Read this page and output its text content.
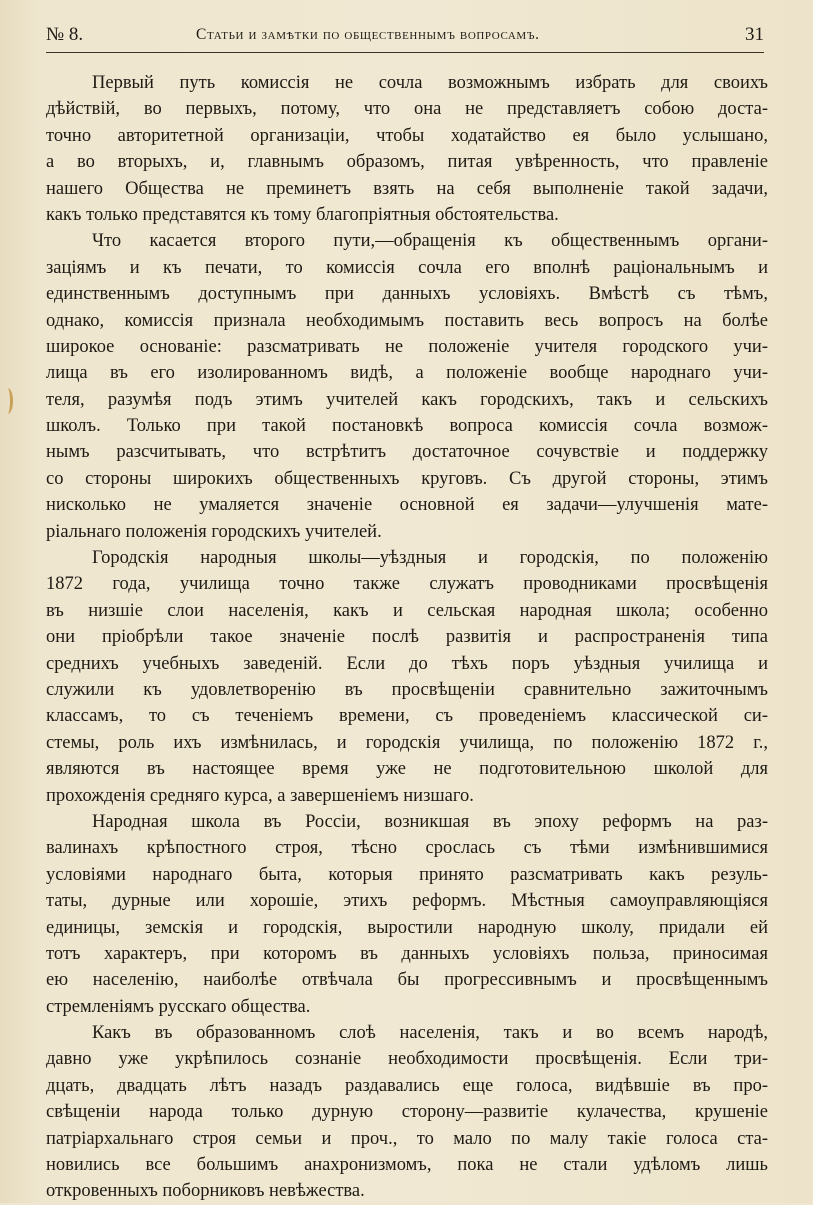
№ 8.	Статьи и замѣтки по общественнымъ вопросамъ.	31

Первый путь комиссія не сочла возможнымъ избрать для своихъ
дѣйствій, во первыхъ, потому, что она не представляетъ собою доста-
точно авторитетной организаціи, чтобы ходатайство ея было услышано,
а во вторыхъ, и, главнымъ образомъ, питая увѣренность, что правленіе
нашего Общества не преминетъ взять на себя выполненіе такой задачи,
какъ только представятся къ тому благопріятныя обстоятельства.

Что касается второго пути,—обращенія къ общественнымъ органи-
заціямъ и къ печати, то комиссія сочла его вполнѣ раціональнымъ и
единственнымъ доступнымъ при данныхъ условіяхъ. Вмѣстѣ съ тѣмъ,
однако, комиссія признала необходимымъ поставить весь вопросъ на болѣе
широкое основаніе: разсматривать не положеніе учителя городского учи-
лища въ его изолированномъ видѣ, а положеніе вообще народнаго учи-
теля, разумѣя подъ этимъ учителей какъ городскихъ, такъ и сельскихъ
школъ. Только при такой постановкѣ вопроса комиссія сочла возмож-
нымъ разсчитывать, что встрѣтитъ достаточное сочувствіе и поддержку
со стороны широкихъ общественныхъ круговъ. Съ другой стороны, этимъ
нисколько не умаляется значеніе основной ея задачи—улучшенія мате-
ріальнаго положенія городскихъ учителей.

Городскія народныя школы—уѣздныя и городскія, по положенію
1872 года, училища точно также служатъ проводниками просвѣщенія
въ низшіе слои населенія, какъ и сельская народная школа; особенно
они пріобрѣли такое значеніе послѣ развитія и распространенія типа
среднихъ учебныхъ заведеній. Если до тѣхъ поръ уѣздныя училища и
служили къ удовлетворенію въ просвѣщеніи сравнительно зажиточнымъ
классамъ, то съ теченіемъ времени, съ проведеніемъ классической си-
стемы, роль ихъ измѣнилась, и городскія училища, по положенію 1872 г.,
являются въ настоящее время уже не подготовительною школой для
прохожденія средняго курса, а завершеніемъ низшаго.

Народная школа въ Россіи, возникшая въ эпоху реформъ на раз-
валинахъ крѣпостного строя, тѣсно срослась съ тѣми измѣнившимися
условіями народнаго быта, которыя принято разсматривать какъ резуль-
таты, дурные или хорошіе, этихъ реформъ. Мѣстныя самоуправляющіяся
единицы, земскія и городскія, выростили народную школу, придали ей
тотъ характеръ, при которомъ въ данныхъ условіяхъ польза, приносимая
ею населенію, наиболѣе отвѣчала бы прогрессивнымъ и просвѣщеннымъ
стремленіямъ русскаго общества.

Какъ въ образованномъ слоѣ населенія, такъ и во всемъ народѣ,
давно уже укрѣпилось сознаніе необходимости просвѣщенія. Если три-
дцать, двадцать лѣтъ назадъ раздавались еще голоса, видѣвшіе въ про-
свѣщеніи народа только дурную сторону—развитіе кулачества, крушеніе
патріархальнаго строя семьи и проч., то мало по малу такіе голоса ста-
новились все большимъ анахронизмомъ, пока не стали удѣломъ лишь
откровенныхъ поборниковъ невѣжества.
